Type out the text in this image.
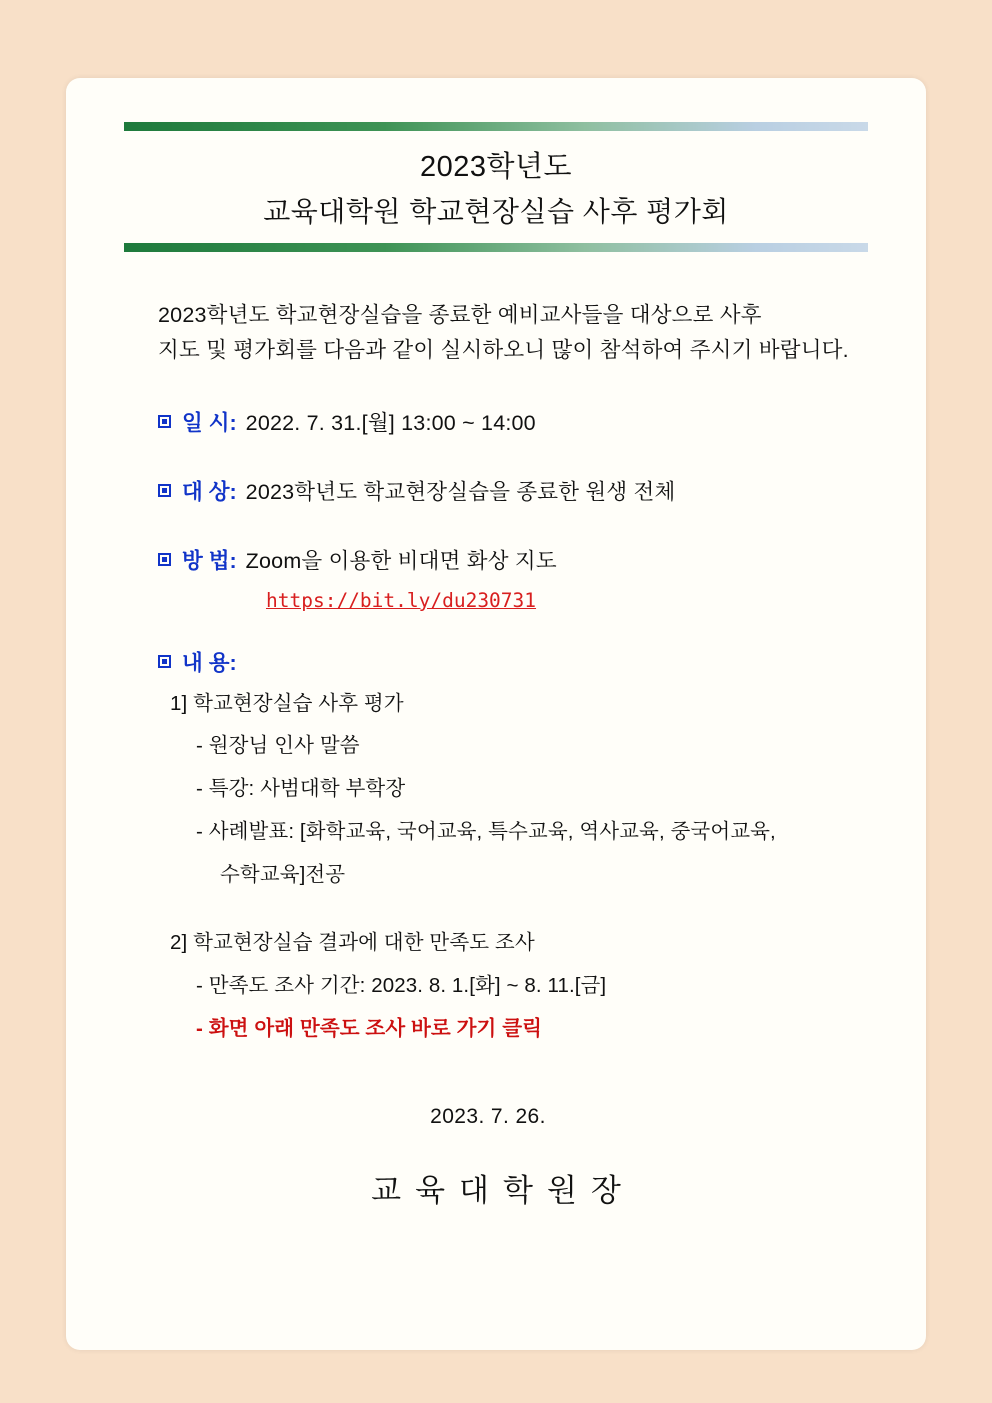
2023학년도
교육대학원 학교현장실습 사후 평가회
2023학년도 학교현장실습을 종료한 예비교사들을 대상으로 사후
지도 및 평가회를 다음과 같이 실시하오니 많이 참석하여 주시기 바랍니다.
일 시: 2022. 7. 31.[월] 13:00 ~ 14:00
대 상: 2023학년도 학교현장실습을 종료한 원생 전체
방 법: Zoom을 이용한 비대면 화상 지도
https://bit.ly/du230731
내 용:
1] 학교현장실습 사후 평가
- 원장님 인사 말씀
- 특강: 사범대학 부학장
- 사례발표: [화학교육, 국어교육, 특수교육, 역사교육, 중국어교육,
수학교육]전공
2] 학교현장실습 결과에 대한 만족도 조사
- 만족도 조사 기간: 2023. 8. 1.[화] ~ 8. 11.[금]
- 화면 아래 만족도 조사 바로 가기 클릭
2023. 7. 26.
교육대학원장
